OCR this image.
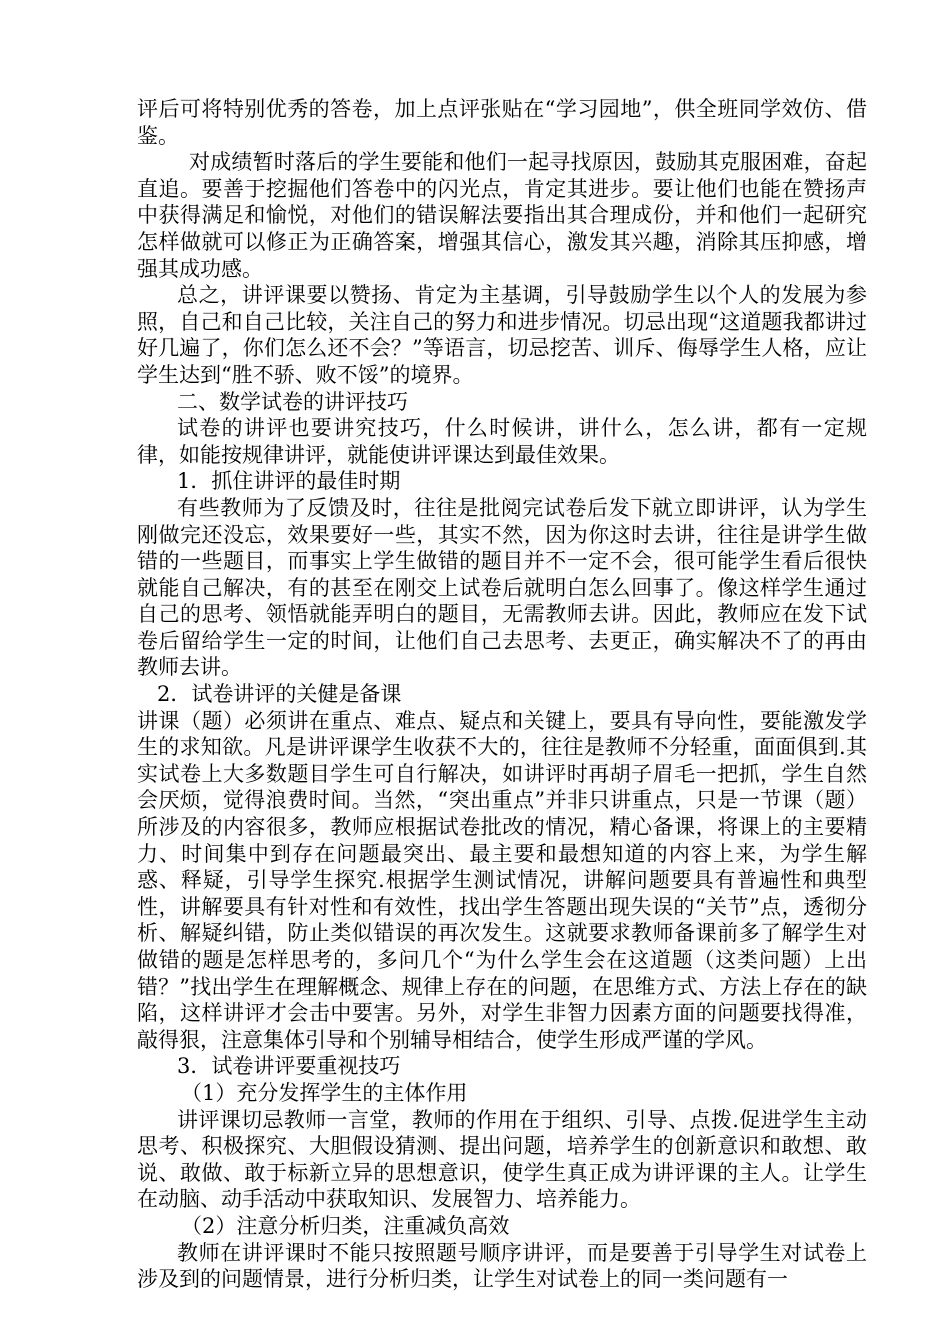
评后可将特别优秀的答卷，加上点评张贴在“学习园地”，供全班同学效仿、借鉴。

对成绩暂时落后的学生要能和他们一起寻找原因，鼓励其克服困难，奋起直追。要善于挖掘他们答卷中的闪光点，肯定其进步。要让他们也能在赞扬声中获得满足和愉悦，对他们的错误解法要指出其合理成份，并和他们一起研究怎样做就可以修正为正确答案，增强其信心，激发其兴趣，消除其压抑感，增强其成功感。

总之，讲评课要以赞扬、肯定为主基调，引导鼓励学生以个人的发展为参照，自己和自己比较，关注自己的努力和进步情况。切忌出现“这道题我都讲过好几遍了，你们怎么还不会？”等语言，切忌挖苦、训斥、侮辱学生人格，应让学生达到“胜不骄、败不馁”的境界。

二、数学试卷的讲评技巧

试卷的讲评也要讲究技巧，什么时候讲，讲什么，怎么讲，都有一定规律，如能按规律讲评，就能使讲评课达到最佳效果。

1．抓住讲评的最佳时期

有些教师为了反馈及时，往往是批阅完试卷后发下就立即讲评，认为学生刚做完还没忘，效果要好一些，其实不然，因为你这时去讲，往往是讲学生做错的一些题目，而事实上学生做错的题目并不一定不会，很可能学生看后很快就能自己解决，有的甚至在刚交上试卷后就明白怎么回事了。像这样学生通过自己的思考、领悟就能弄明白的题目，无需教师去讲。因此，教师应在发下试卷后留给学生一定的时间，让他们自己去思考、去更正，确实解决不了的再由教师去讲。

2．试卷讲评的关健是备课

讲课（题）必须讲在重点、难点、疑点和关键上，要具有导向性，要能激发学生的求知欲。凡是讲评课学生收获不大的，往往是教师不分轻重，面面俱到.其实试卷上大多数题目学生可自行解决，如讲评时再胡子眉毛一把抓，学生自然会厌烦，觉得浪费时间。当然，“突出重点”并非只讲重点，只是一节课（题）所涉及的内容很多，教师应根据试卷批改的情况，精心备课，将课上的主要精力、时间集中到存在问题最突出、最主要和最想知道的内容上来，为学生解惑、释疑，引导学生探究.根据学生测试情况，讲解问题要具有普遍性和典型性，讲解要具有针对性和有效性，找出学生答题出现失误的“关节”点，透彻分析、解疑纠错，防止类似错误的再次发生。这就要求教师备课前多了解学生对做错的题是怎样思考的，多问几个“为什么学生会在这道题（这类问题）上出错？”找出学生在理解概念、规律上存在的问题，在思维方式、方法上存在的缺陷，这样讲评才会击中要害。另外，对学生非智力因素方面的问题要找得准，敲得狠，注意集体引导和个别辅导相结合，使学生形成严谨的学风。

3．试卷讲评要重视技巧

（1）充分发挥学生的主体作用

讲评课切忌教师一言堂，教师的作用在于组织、引导、点拨.促进学生主动思考、积极探究、大胆假设猜测、提出问题，培养学生的创新意识和敢想、敢说、敢做、敢于标新立异的思想意识，使学生真正成为讲评课的主人。让学生在动脑、动手活动中获取知识、发展智力、培养能力。

（2）注意分析归类，注重减负高效

教师在讲评课时不能只按照题号顺序讲评，而是要善于引导学生对试卷上涉及到的问题情景，进行分析归类，让学生对试卷上的同一类问题有一
